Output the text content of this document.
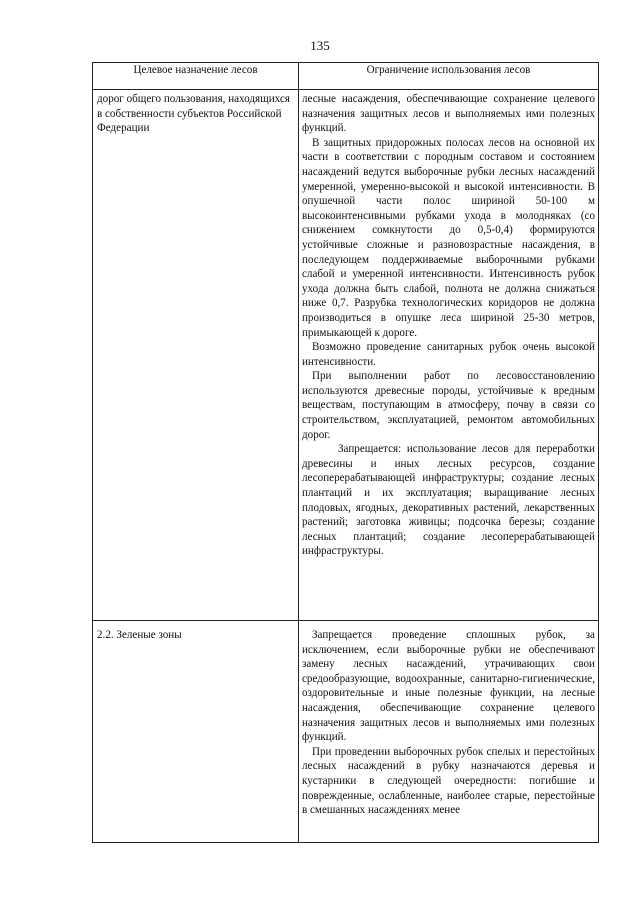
135
Целевое назначение лесов	Ограничение использования лесов
дорог общего пользования, находящихся в собственности субъектов Российской Федерации	лесные насаждения, обеспечивающие сохранение целевого назначения защитных лесов и выполняемых ими полезных функций.

В защитных придорожных полосах лесов на основной их части в соответствии с породным составом и состоянием насаждений ведутся выборочные рубки лесных насаждений умеренной, умеренно-высокой и высокой интенсивности. В опушечной части полос шириной 50-100 м высокоинтенсивными рубками ухода в молодняках (со снижением сомкнутости до 0,5-0,4) формируются устойчивые сложные и разновозрастные насаждения, в последующем поддерживаемые выборочными рубками слабой и умеренной интенсивности. Интенсивность рубок ухода должна быть слабой, полнота не должна снижаться ниже 0,7. Разрубка технологических коридоров не должна производиться в опушке леса шириной 25-30 метров, примыкающей к дороге.

Возможно проведение санитарных рубок очень высокой интенсивности.

При выполнении работ по лесовосстановлению используются древесные породы, устойчивые к вредным веществам, поступающим в атмосферу, почву в связи со строительством, эксплуатацией, ремонтом автомобильных дорог.

Запрещается: использование лесов для переработки древесины и иных лесных ресурсов, создание лесоперерабатывающей инфраструктуры; создание лесных плантаций и их эксплуатация; выращивание лесных плодовых, ягодных, декоративных растений, лекарственных растений; заготовка живицы; подсочка березы; создание лесных плантаций; создание лесоперерабатывающей инфраструктуры.

2.2. Зеленые зоны	Запрещается проведение сплошных рубок, за исключением, если выборочные рубки не обеспечивают замену лесных насаждений, утрачивающих свои средообразующие, водоохранные, санитарно-гигиенические, оздоровительные и иные полезные функции, на лесные насаждения, обеспечивающие сохранение целевого назначения защитных лесов и выполняемых ими полезных функций.

При проведении выборочных рубок спелых и перестойных лесных насаждений в рубку назначаются деревья и кустарники в следующей очередности: погибшие и поврежденные, ослабленные, наиболее старые, перестойные в смешанных насаждениях менее
